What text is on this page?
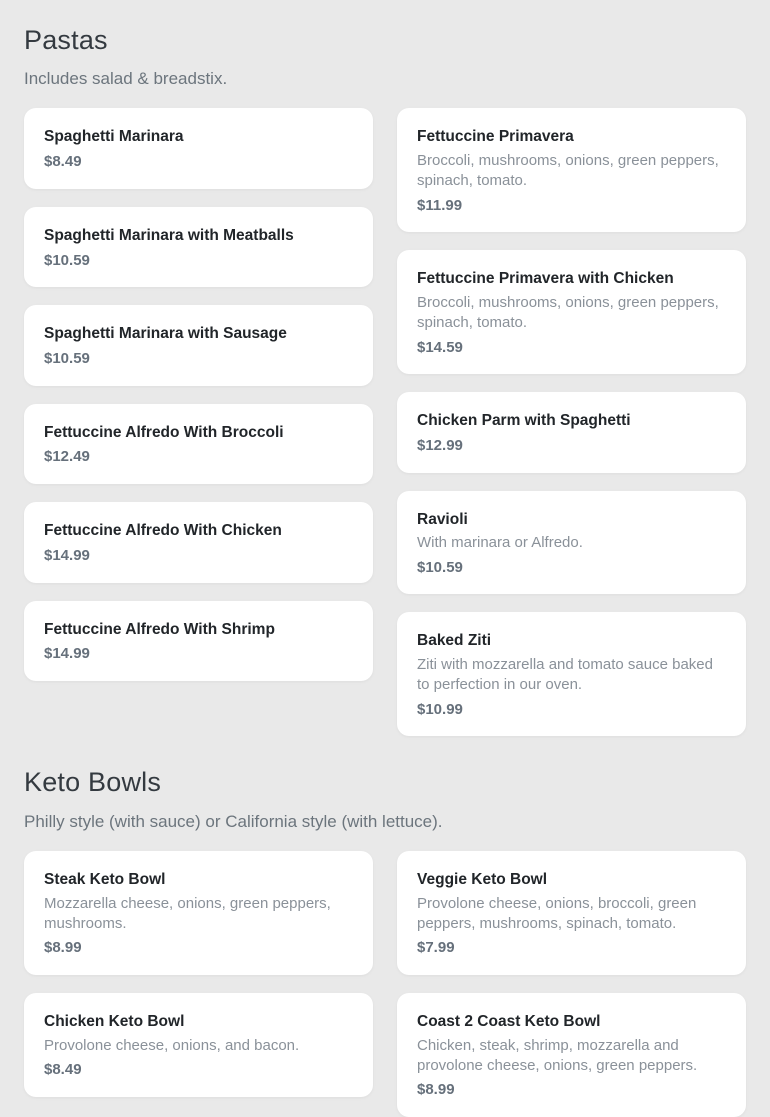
Pastas

Includes salad & breadstix.

Spaghetti Marinara
$8.49
Spaghetti Marinara with Meatballs
$10.59
Spaghetti Marinara with Sausage
$10.59
Fettuccine Alfredo With Broccoli
$12.49
Fettuccine Alfredo With Chicken
$14.99
Fettuccine Alfredo With Shrimp
$14.99
Fettuccine Primavera
Broccoli, mushrooms, onions, green peppers, spinach, tomato.
$11.99
Fettuccine Primavera with Chicken
Broccoli, mushrooms, onions, green peppers, spinach, tomato.
$14.59
Chicken Parm with Spaghetti
$12.99
Ravioli
With marinara or Alfredo.
$10.59
Baked Ziti
Ziti with mozzarella and tomato sauce baked to perfection in our oven.
$10.99
Keto Bowls

Philly style (with sauce) or California style (with lettuce).

Steak Keto Bowl
Mozzarella cheese, onions, green peppers, mushrooms.
$8.99
Chicken Keto Bowl
Provolone cheese, onions, and bacon.
$8.49
Veggie Keto Bowl
Provolone cheese, onions, broccoli, green peppers, mushrooms, spinach, tomato.
$7.99
Coast 2 Coast Keto Bowl
Chicken, steak, shrimp, mozzarella and provolone cheese, onions, green peppers.
$8.99
